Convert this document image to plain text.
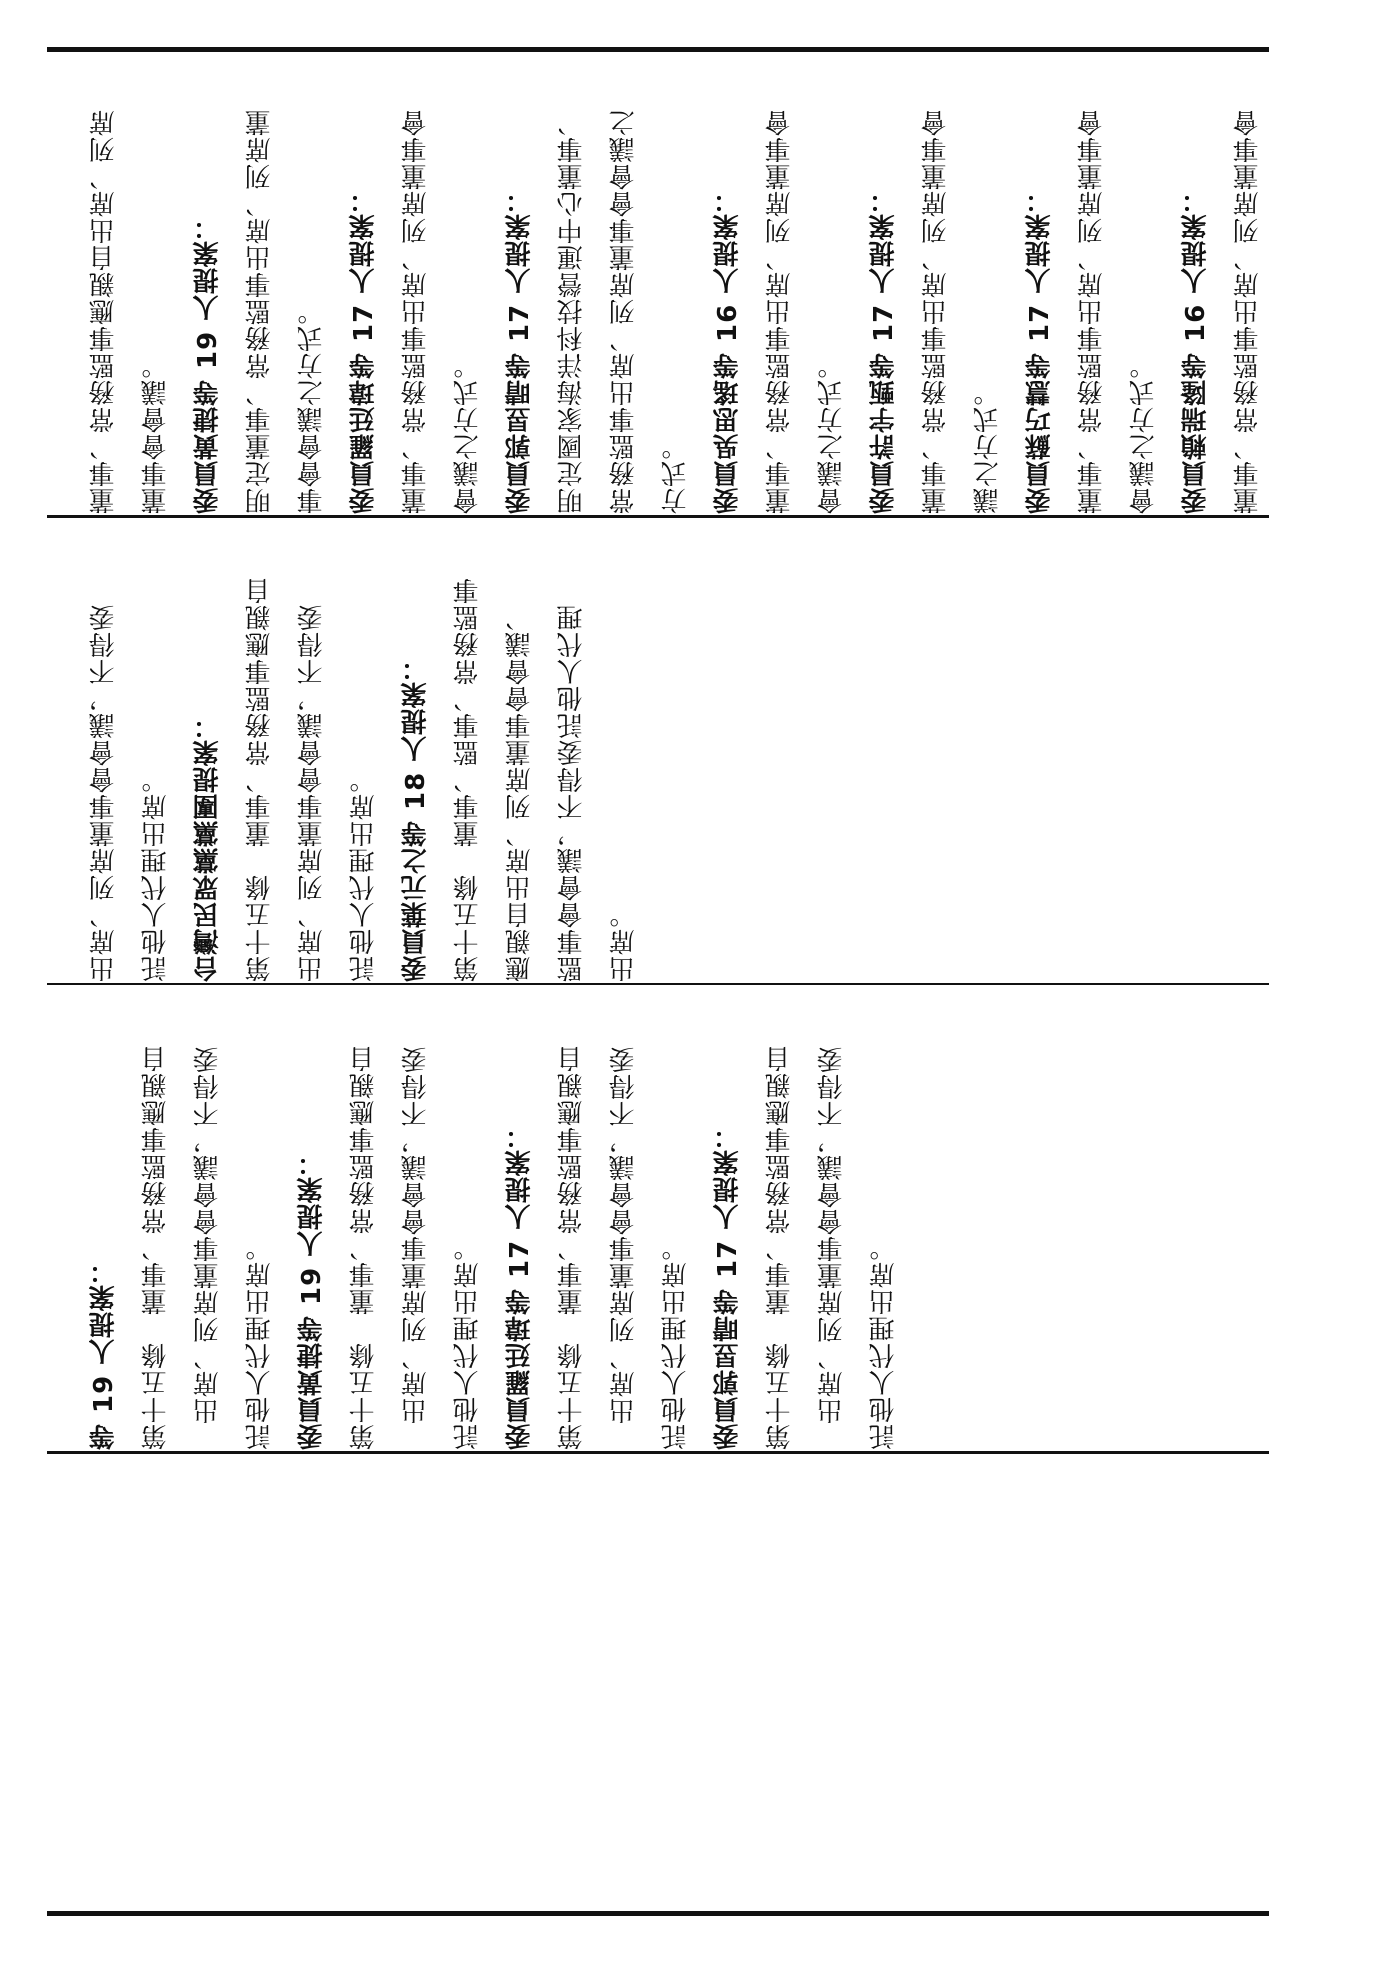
董事、常務監事應親自出席、列席 董事會會議。 委員黃捷等 19 人提案： 明定董事、常務監事出席、列席董 事會會議之方式。 委員羅廷瑋等 17 人提案： 董事、常務監事出席、列席董事會 會議之方式。 委員郭昱晴等 17 人提案： 明定國家海洋科技營運中心董事、 常務監事出席、列席董事會會議之 方式。 委員吳思瑤等 16 人提案： 董事、常務監事出席、列席董事會 會議之方式。 委員許宇甄等 17 人提案： 董事、常務監事出席、列席董事會 議之方式。 委員蘇巧慧等 17 人提案： 董事、常務監事出席、列席董事會 會議之方式。 委員賴瑞隆等 16 人提案： 董事、常務監事出席、列席董事會
出席、列席董事會會議，不得委 託他人代理出席。 台灣民眾黨黨團提案： 第十五條　董事、常務監事應親自 出席、列席董事會會議，不得委 託他人代理出席。 委員葉元之等 18 人提案： 第十五條　董事、監事、常務監事 應親自出席、列席董事會會議、 監事會會議，不得委託他人代理 出席。
等 19 人提案： 第十五條　董事、常務監事應親自 出席、列席董事會會議，不得委 託他人代理出席。 委員黃捷等 19 人提案： 第十五條　董事、常務監事應親自 出席、列席董事會會議，不得委 託他人代理出席。 委員羅廷瑋等 17 人提案： 第十五條　董事、常務監事應親自 出席、列席董事會會議，不得委 託他人代理出席。 委員郭昱晴等 17 人提案： 第十五條　董事、常務監事應親自 出席、列席董事會會議，不得委 託他人代理出席。
